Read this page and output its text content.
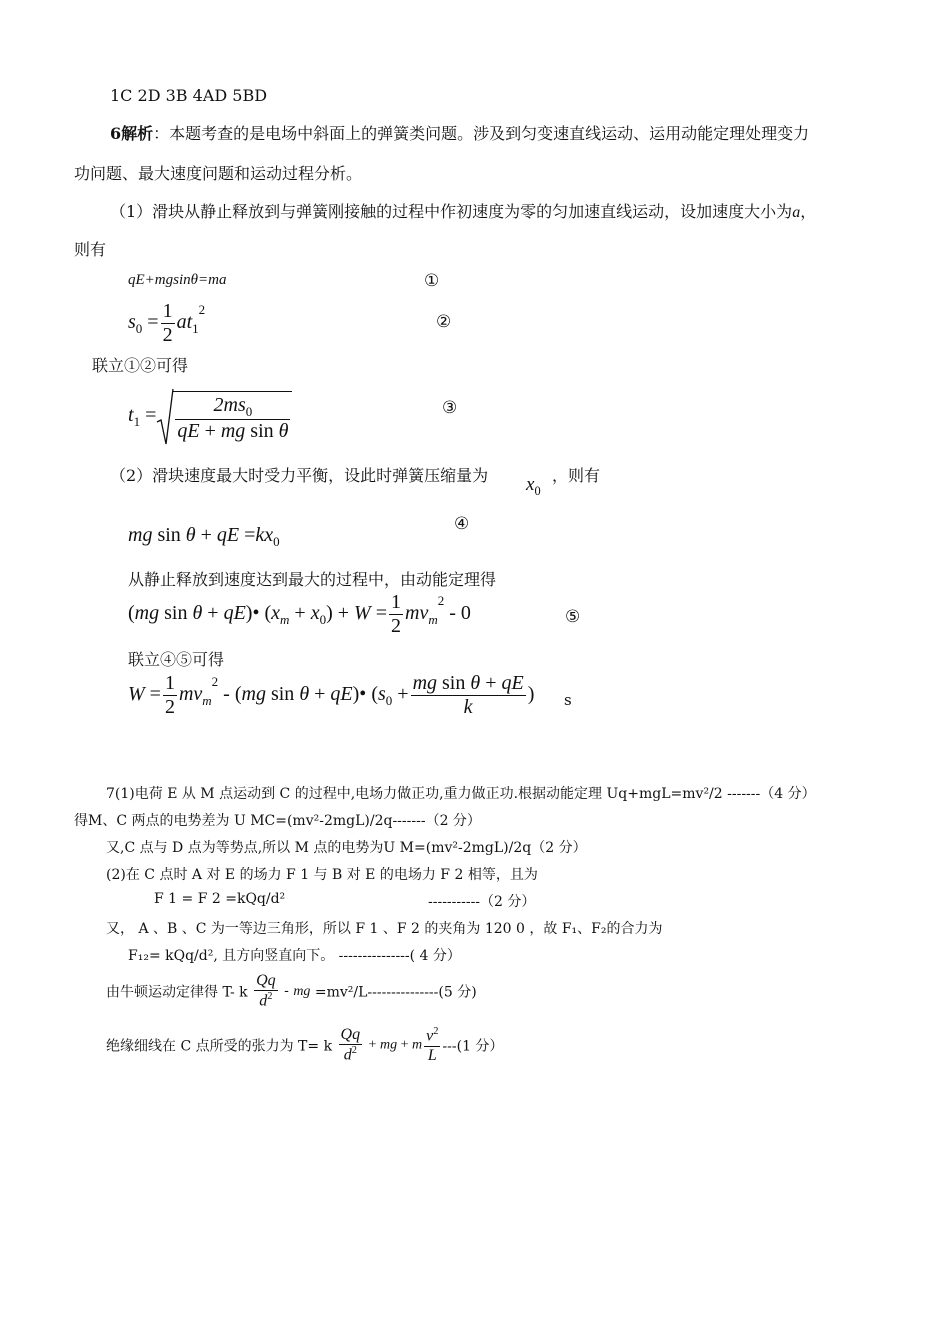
1C 2D 3B 4AD 5BD
6解析：本题考查的是电场中斜面上的弹簧类问题。涉及到匀变速直线运动、运用动能定理处理变力
功问题、最大速度问题和运动过程分析。
（1）滑块从静止释放到与弹簧刚接触的过程中作初速度为零的匀加速直线运动，设加速度大小为a，
则有
qE+mgsinθ=ma	①
$s_0 = \frac{1}{2} at_1^2$
②
联立①②可得
$t_1 = \frac{2ms_0}{\text{qE + mg sin θ}}$	③
（2）滑块速度最大时受力平衡，设此时弹簧压缩量为 $x_0$
，则有
mg sin θ + qE $=kx_0$
④
从静止释放到速度达到最大的过程中，由动能定理得
(mg sin θ + qE)• $(x_m + x_0) + W = \frac{1}{2} mv_m^2 - 0$	⑤
联立④⑤可得
$W = \frac{1}{2} mv_m^2 - (mg$ sin θ + qE)• ($s_0 + \frac{\text{mg sin θ + qE}}{k}$ ) s
7(1)电荷 E 从 M 点运动到 C 的过程中,电场力做正功,重力做正功.根据动能定理 Uq+mgL=mv²/2 -------（4 分）
得M、C 两点的电势差为 U MC=(mv²-2mgL)/2q-------（2 分）
又,C 点与 D 点为等势点,所以 M 点的电势为U M=(mv²-2mgL)/2q（2 分）
(2)在 C 点时 A 对 E 的场力 F 1 与 B 对 E 的电场力 F 2 相等，且为
F 1 = F 2 =kQq/d²	-----------（2 分）
又， A 、B 、C 为一等边三角形，所以 F 1 、F 2 的夹角为 120 0 ，故 F₁、F₂的合力为
F₁₂= kQq/d², 且方向竖直向下。 ---------------( 4 分）
由牛顿运动定律得 T- k $\frac{Qq}{d^2}$ - mg =mv²/L---------------(5 分)
绝缘细线在 C 点所受的张力为 T= k $\frac{Qq}{d^2}$ + mg + m $\frac{v^2}{L} ---(1$ 分）
